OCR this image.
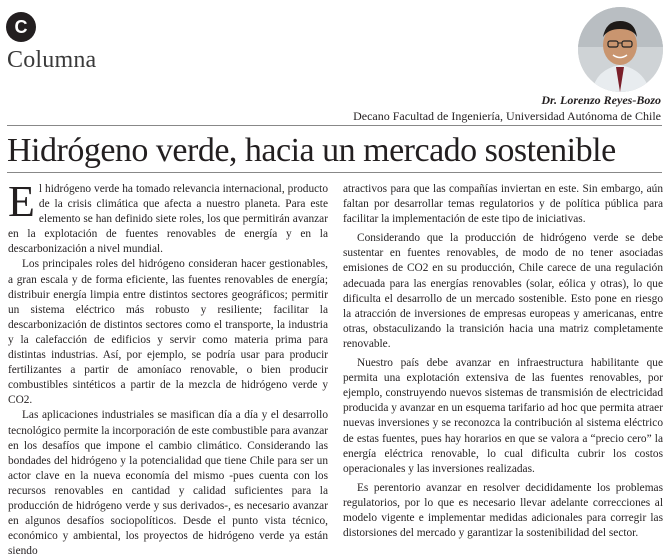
C
Columna
Dr. Lorenzo Reyes-Bozo
Decano Facultad de Ingeniería, Universidad Autónoma de Chile
Hidrógeno verde, hacia un mercado sostenible

El hidrógeno verde ha tomado relevancia internacional, producto de la crisis climática que afecta a nuestro planeta. Para este elemento se han definido siete roles, los que permitirán avanzar en la explotación de fuentes renovables de energía y en la descarbonización a nivel mundial.

Los principales roles del hidrógeno consideran hacer gestionables, a gran escala y de forma eficiente, las fuentes renovables de energía; distribuir energía limpia entre distintos sectores geográficos; permitir un sistema eléctrico más robusto y resiliente; facilitar la descarbonización de distintos sectores como el transporte, la industria y la calefacción de edificios y servir como materia prima para distintas industrias. Así, por ejemplo, se podría usar para producir fertilizantes a partir de amoníaco renovable, o bien producir combustibles sintéticos a partir de la mezcla de hidrógeno verde y CO2.

Las aplicaciones industriales se masifican día a día y el desarrollo tecnológico permite la incorporación de este combustible para avanzar en los desafíos que impone el cambio climático. Considerando las bondades del hidrógeno y la potencialidad que tiene Chile para ser un actor clave en la nueva economía del mismo -pues cuenta con los recursos renovables en cantidad y calidad suficientes para la producción de hidrógeno verde y sus derivados-, es necesario avanzar en algunos desafíos sociopolíticos. Desde el punto vista técnico, económico y ambiental, los proyectos de hidrógeno verde ya están siendo

atractivos para que las compañías inviertan en este. Sin embargo, aún faltan por desarrollar temas regulatorios y de política pública para facilitar la implementación de este tipo de iniciativas.

Considerando que la producción de hidrógeno verde se debe sustentar en fuentes renovables, de modo de no tener asociadas emisiones de CO2 en su producción, Chile carece de una regulación adecuada para las energías renovables (solar, eólica y otras), lo que dificulta el desarrollo de un mercado sostenible. Esto pone en riesgo la atracción de inversiones de empresas europeas y americanas, entre otras, obstaculizando la transición hacia una matriz completamente renovable.

Nuestro país debe avanzar en infraestructura habilitante que permita una explotación extensiva de las fuentes renovables, por ejemplo, construyendo nuevos sistemas de transmisión de electricidad producida y avanzar en un esquema tarifario ad hoc que permita atraer nuevas inversiones y se reconozca la contribución al sistema eléctrico de estas fuentes, pues hay horarios en que se valora a “precio cero” la energía eléctrica renovable, lo cual dificulta cubrir los costos operacionales y las inversiones realizadas.

Es perentorio avanzar en resolver decididamente los problemas regulatorios, por lo que es necesario llevar adelante correcciones al modelo vigente e implementar medidas adicionales para corregir las distorsiones del mercado y garantizar la sostenibilidad del sector.
